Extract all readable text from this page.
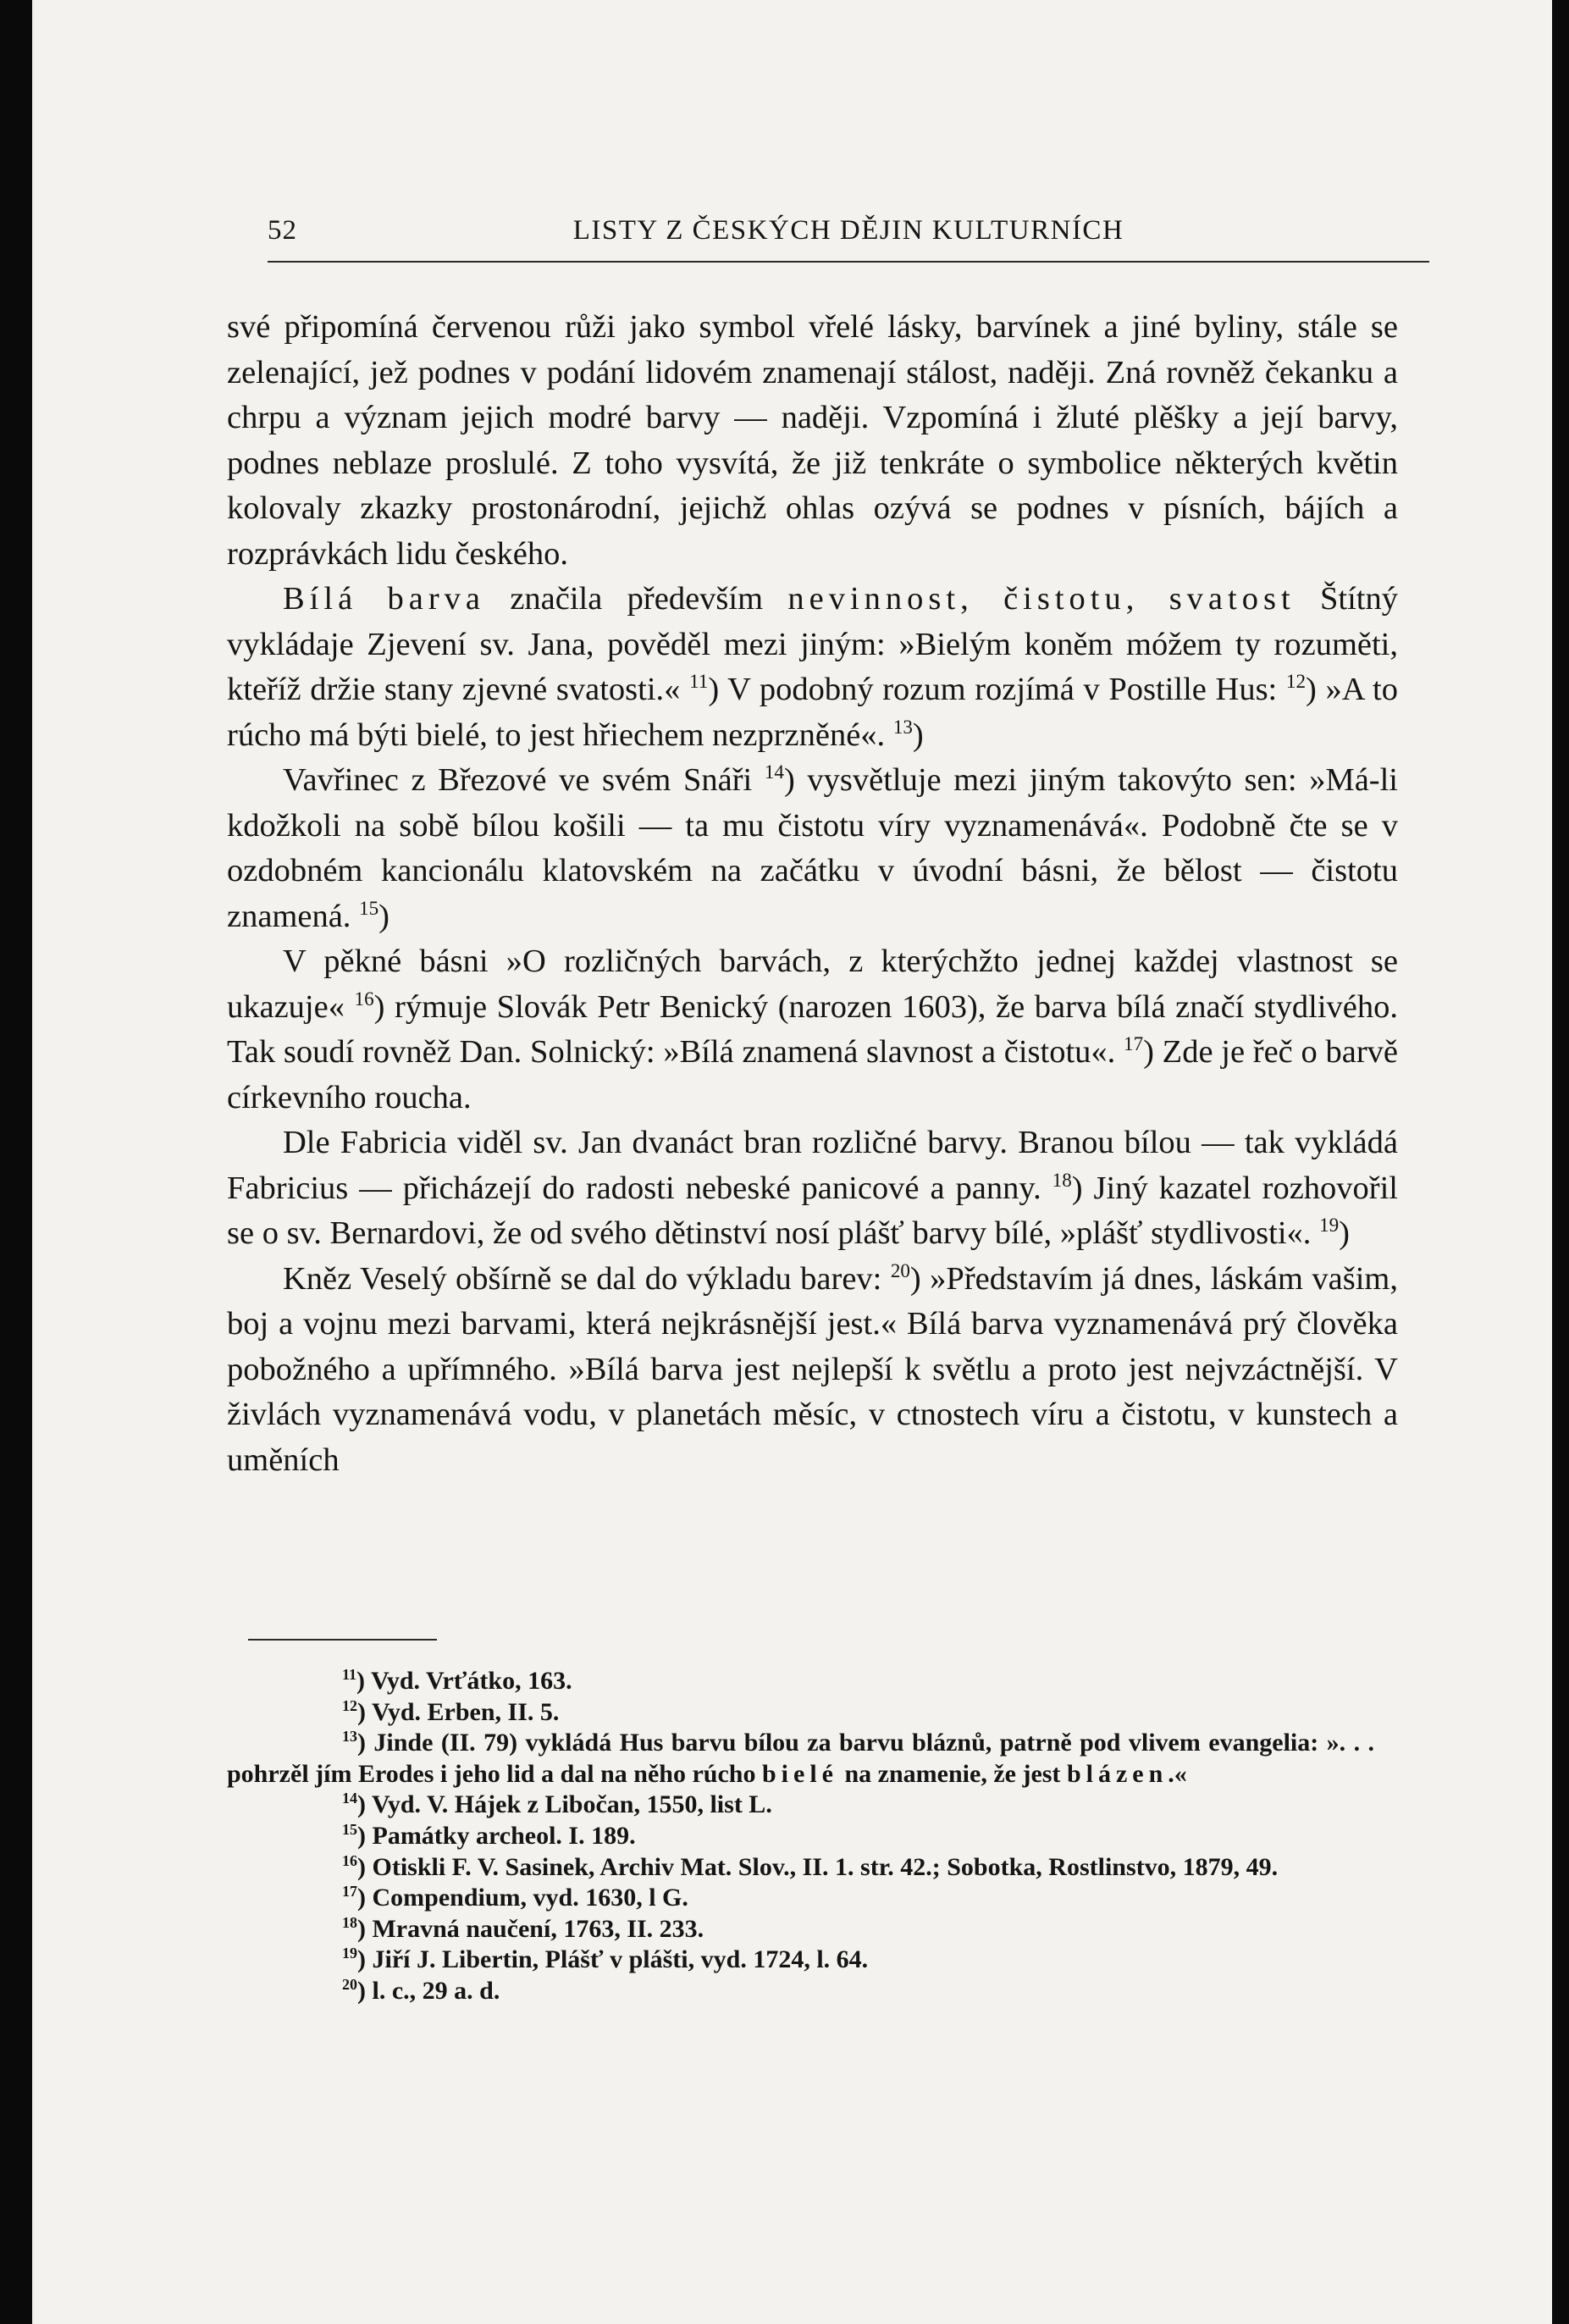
52	LISTY Z ČESKÝCH DĚJIN KULTURNÍCH

své připomíná červenou růži jako symbol vřelé lásky, barvínek a jiné byliny, stále se zelenající, jež podnes v podání lidovém znamenají stálost, naději. Zná rovněž čekanku a chrpu a význam jejich modré barvy — naději. Vzpomíná i žluté plěšky a její barvy, podnes neblaze proslulé. Z toho vysvítá, že již tenkráte o symbolice některých květin kolovaly zkazky prostonárodní, jejichž ohlas ozývá se podnes v písních, bájích a rozprávkách lidu českého.

Bílá barva značila především nevinnost, čistotu, svatost Štítný vykládaje Zjevení sv. Jana, pověděl mezi jiným: »Bielým koněm móžem ty rozuměti, kteříž držie stany zjevné svatosti.« $^{11}$) V podobný rozum rozjímá v Postille Hus: $^{12}$) »A to rúcho má býti bielé, to jest hřiechem nezprzněné«. $^{13}$)

Vavřinec z Březové ve svém Snáři $^{14}$) vysvětluje mezi jiným takovýto sen: »Má-li kdožkoli na sobě bílou košili — ta mu čistotu víry vyznamenává«. Podobně čte se v ozdobném kancionálu klatovském na začátku v úvodní básni, že bělost — čistotu znamená. $^{15}$)

V pěkné básni »O rozličných barvách, z kterýchžto jednej každej vlastnost se ukazuje« $^{16}$) rýmuje Slovák Petr Benický (narozen 1603), že barva bílá značí stydlivého. Tak soudí rovněž Dan. Solnický: »Bílá znamená slavnost a čistotu«. $^{17}$) Zde je řeč o barvě církevního roucha.

Dle Fabricia viděl sv. Jan dvanáct bran rozličné barvy. Branou bílou — tak vykládá Fabricius — přicházejí do radosti nebeské panicové a panny. $^{18}$) Jiný kazatel rozhovořil se o sv. Bernardovi, že od svého dětinství nosí plášť barvy bílé, »plášť stydlivosti«. $^{19}$)

Kněz Veselý obšírně se dal do výkladu barev: $^{20}$) »Představím já dnes, láskám vašim, boj a vojnu mezi barvami, která nejkrásnější jest.« Bílá barva vyznamenává prý člověka pobožného a upřímného. »Bílá barva jest nejlepší k světlu a proto jest nejvzáctnější. V živlách vyznamenává vodu, v planetách měsíc, v ctnostech víru a čistotu, v kunstech a uměních

$^{11}$) Vyd. Vrťátko, 163.

$^{12}$) Vyd. Erben, II. 5.

$^{13}$) Jinde (II. 79) vykládá Hus barvu bílou za barvu bláznů, patrně pod vlivem evangelia: ». . . pohrzěl jím Erodes i jeho lid a dal na něho rúcho bielé na znamenie, že jest blázen.«

$^{14}$) Vyd. V. Hájek z Libočan, 1550, list L.

$^{15}$) Památky archeol. I. 189.

$^{16}$) Otiskli F. V. Sasinek, Archiv Mat. Slov., II. 1. str. 42.; Sobotka, Rostlinstvo, 1879, 49.

$^{17}$) Compendium, vyd. 1630, l G.

$^{18}$) Mravná naučení, 1763, II. 233.

$^{19}$) Jiří J. Libertin, Plášť v plášti, vyd. 1724, l. 64.

$^{20}$) l. c., 29 a. d.
